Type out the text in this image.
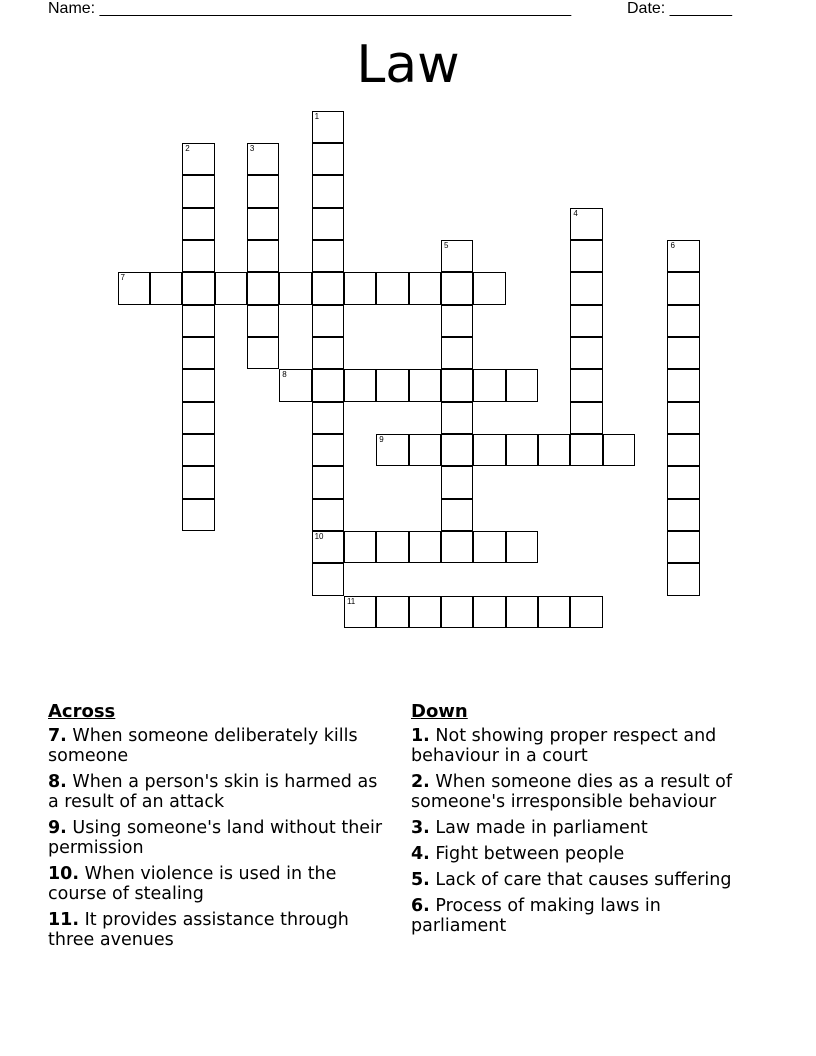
Name: _____________________________________________________	Date: _______
Law
1
10
2	3
4
5	6
7
8
9
11
Across
7. When someone deliberately kills someone
8. When a person's skin is harmed as a result of an attack
9. Using someone's land without their permission
10. When violence is used in the course of stealing
11. It provides assistance through three avenues
Down
1. Not showing proper respect and behaviour in a court
2. When someone dies as a result of someone's irresponsible behaviour
3. Law made in parliament
4. Fight between people
5. Lack of care that causes suffering
6. Process of making laws in parliament
